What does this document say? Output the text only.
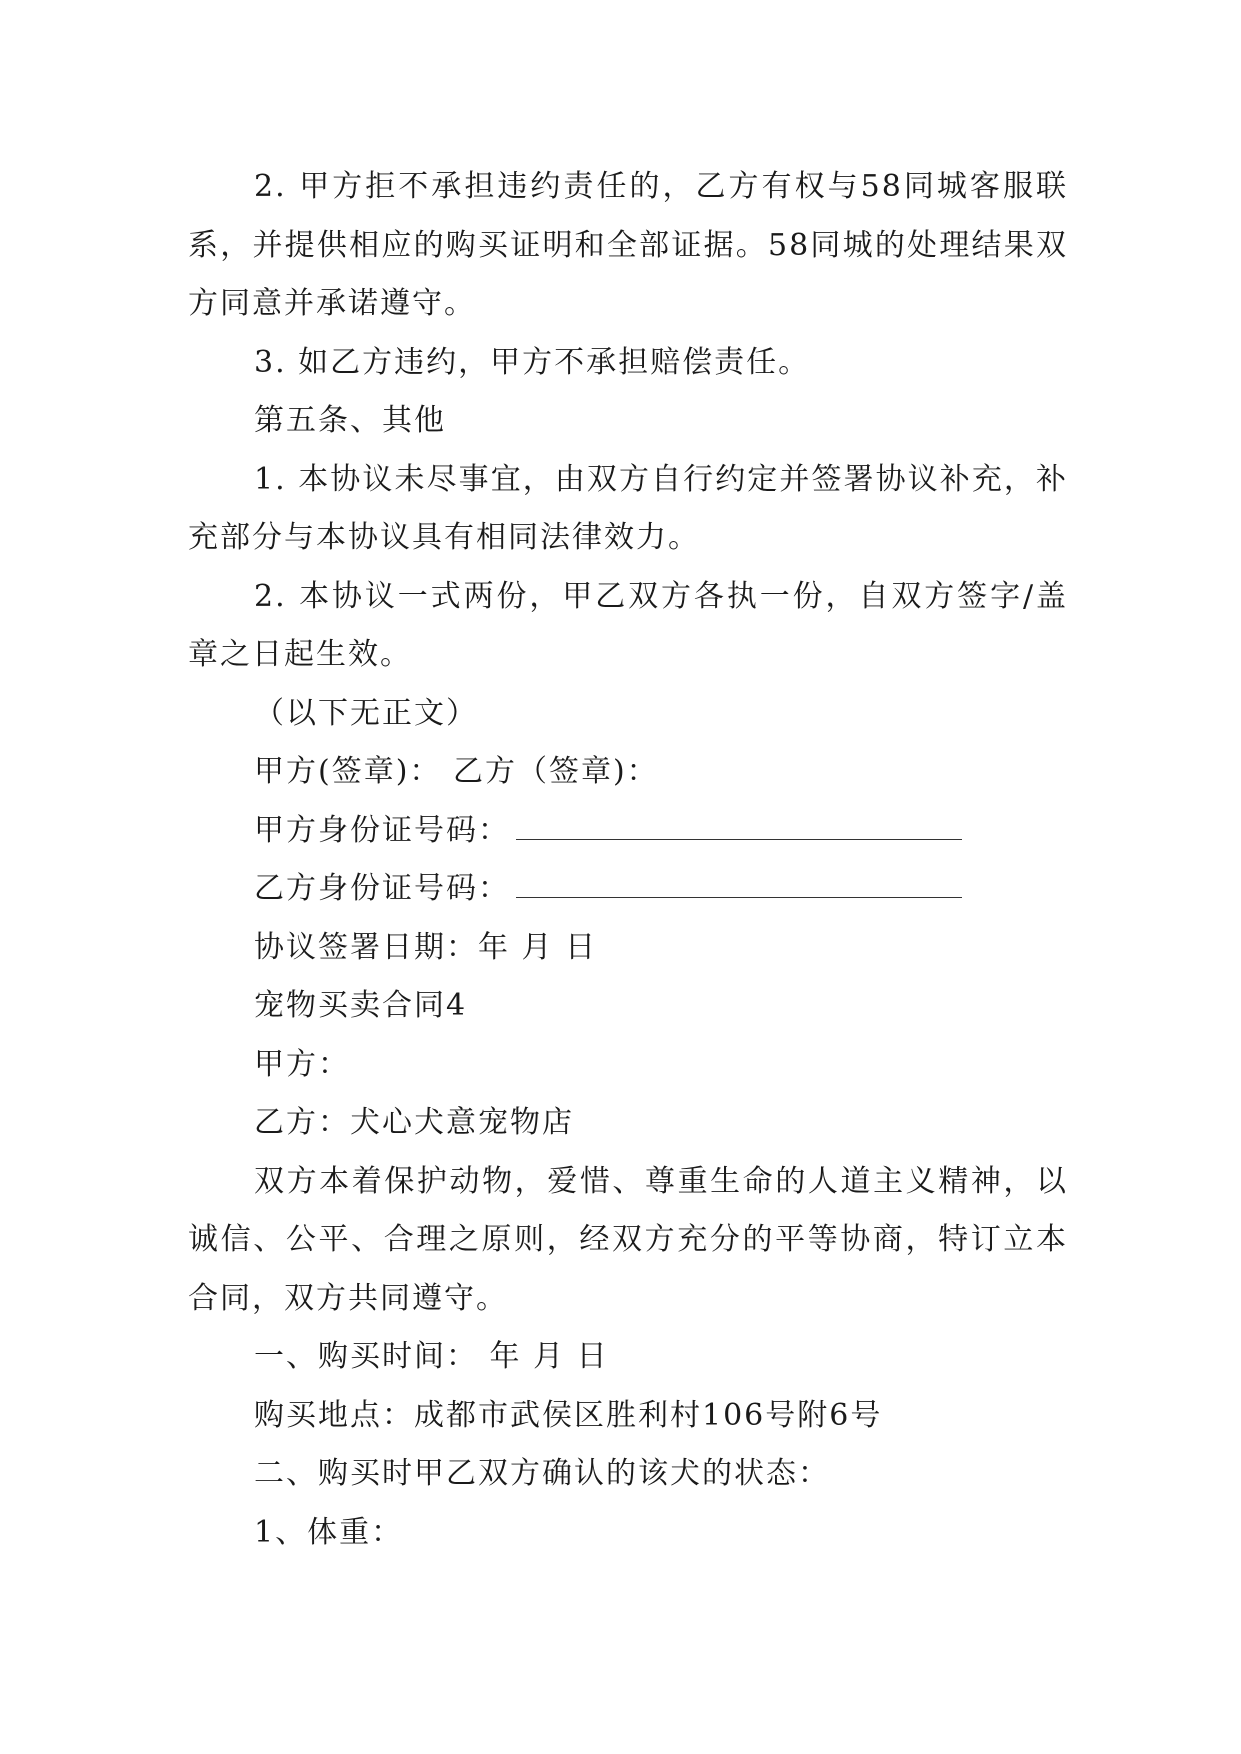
2. 甲方拒不承担违约责任的，乙方有权与58同城客服联系，并提供相应的购买证明和全部证据。58同城的处理结果双方同意并承诺遵守。

3. 如乙方违约，甲方不承担赔偿责任。

第五条、其他

1. 本协议未尽事宜，由双方自行约定并签署协议补充，补充部分与本协议具有相同法律效力。

2. 本协议一式两份，甲乙双方各执一份，自双方签字/盖章之日起生效。

（以下无正文）

甲方(签章)： 乙方（签章)：

甲方身份证号码：

乙方身份证号码：

协议签署日期：年 月 日

宠物买卖合同4

甲方：

乙方：犬心犬意宠物店

双方本着保护动物，爱惜、尊重生命的人道主义精神，以诚信、公平、合理之原则，经双方充分的平等协商，特订立本合同，双方共同遵守。

一、购买时间： 年 月 日

购买地点：成都市武侯区胜利村106号附6号

二、购买时甲乙双方确认的该犬的状态：

1、体重：
